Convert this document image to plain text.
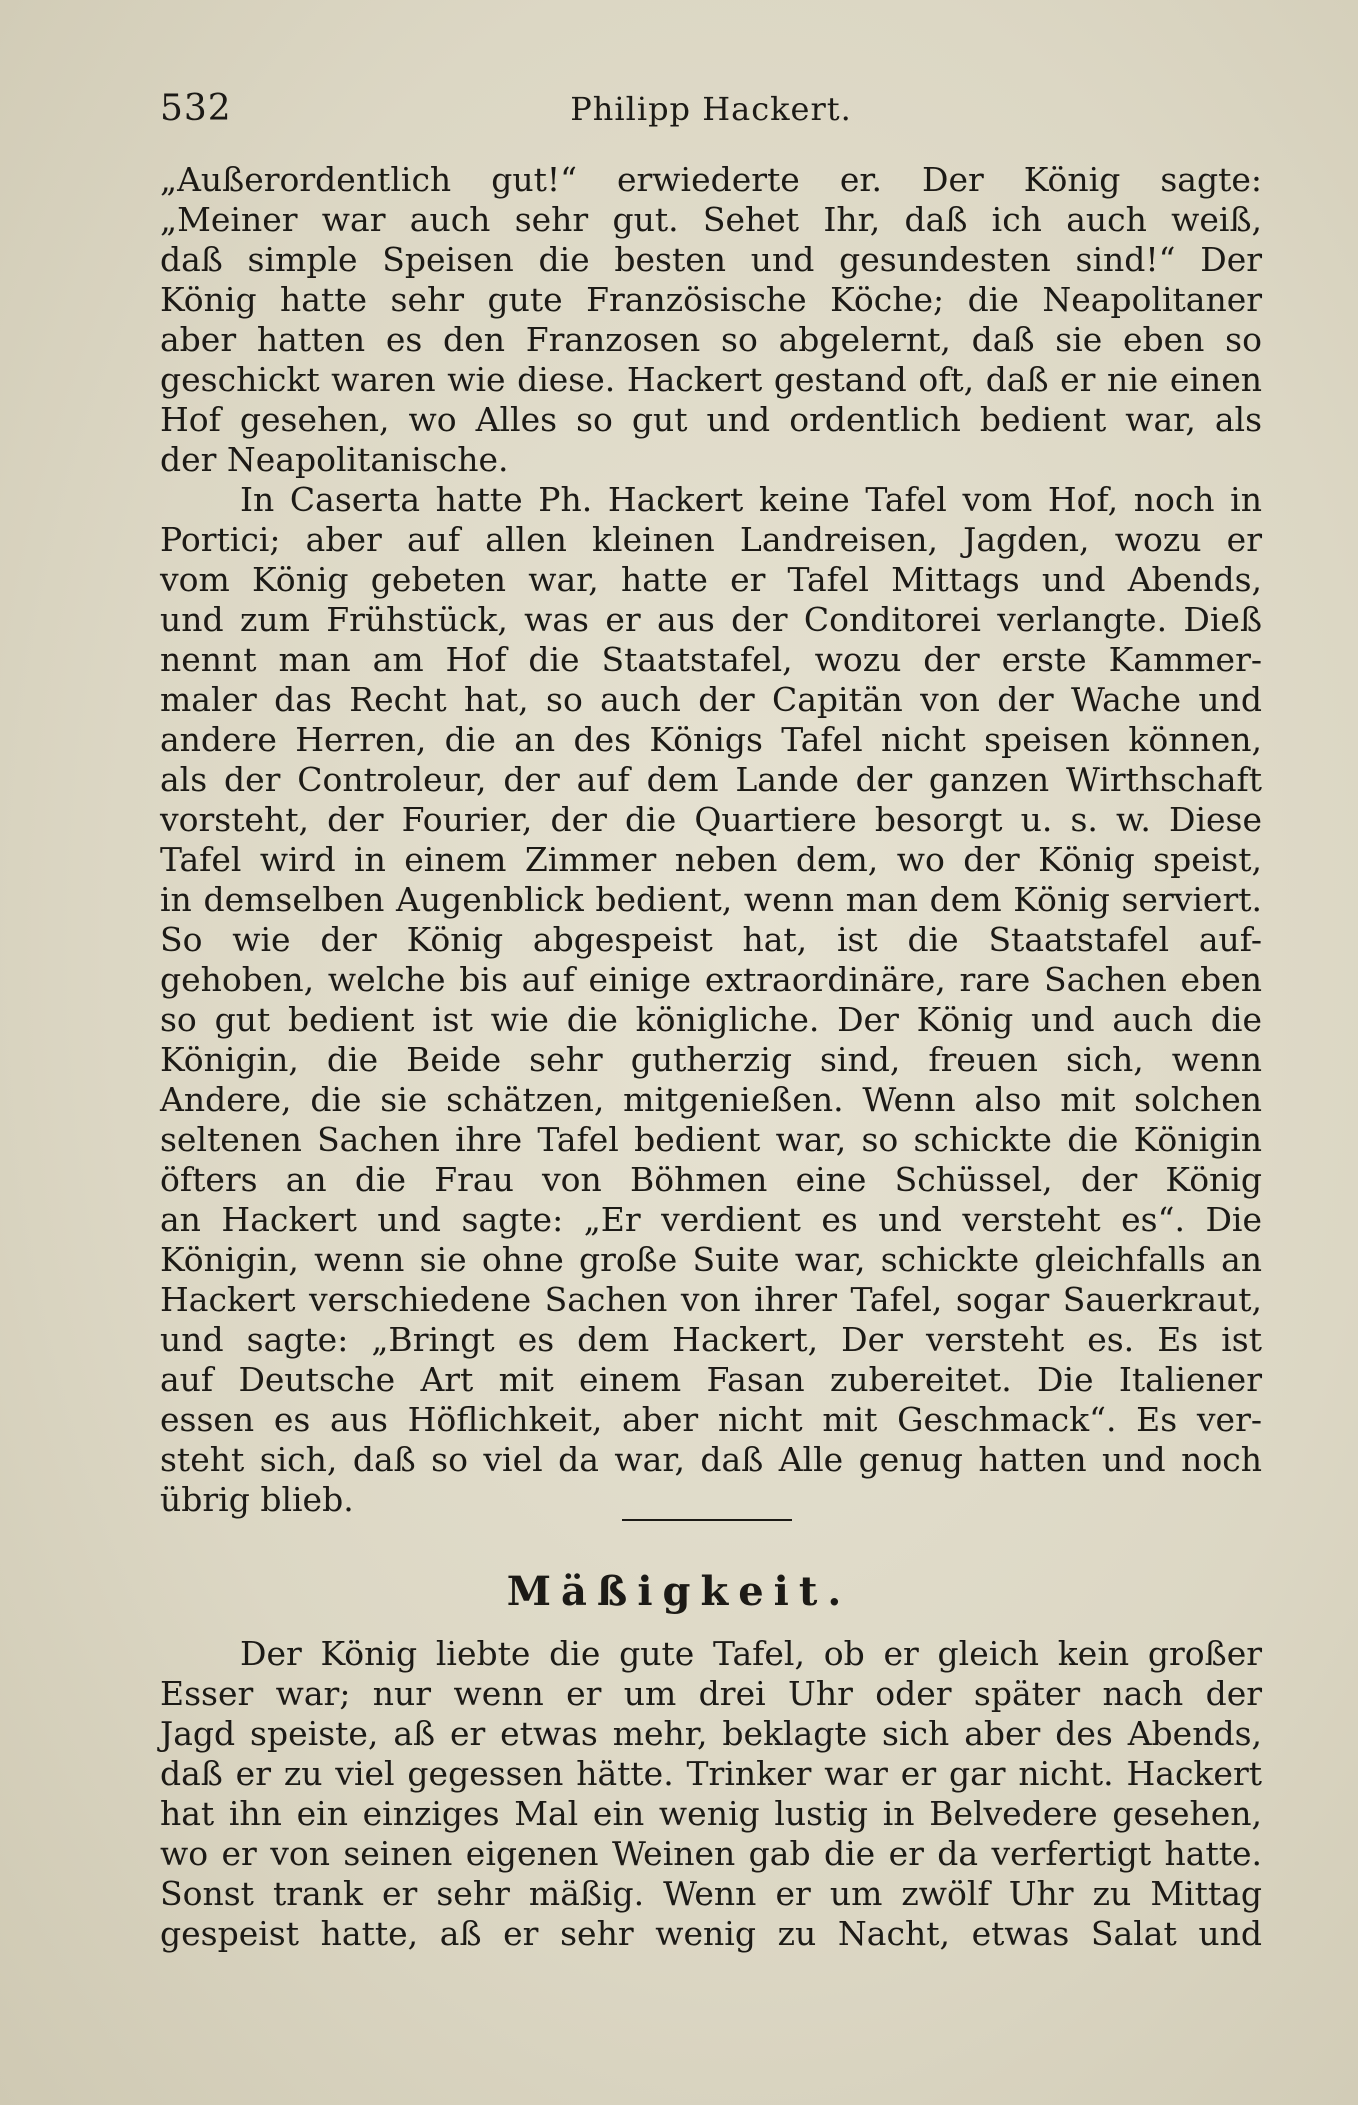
532	Philipp Hackert.
„Außerordentlich gut!“ erwiederte er. Der König sagte:
„Meiner war auch sehr gut. Sehet Ihr, daß ich auch weiß,
daß simple Speisen die besten und gesundesten sind!“ Der
König hatte sehr gute Französische Köche; die Neapolitaner
aber hatten es den Franzosen so abgelernt, daß sie eben so
geschickt waren wie diese. Hackert gestand oft, daß er nie einen
Hof gesehen, wo Alles so gut und ordentlich bedient war, als
der Neapolitanische.
In Caserta hatte Ph. Hackert keine Tafel vom Hof, noch in
Portici; aber auf allen kleinen Landreisen, Jagden, wozu er
vom König gebeten war, hatte er Tafel Mittags und Abends,
und zum Frühstück, was er aus der Conditorei verlangte. Dieß
nennt man am Hof die Staatstafel, wozu der erste Kammer-
maler das Recht hat, so auch der Capitän von der Wache und
andere Herren, die an des Königs Tafel nicht speisen können,
als der Controleur, der auf dem Lande der ganzen Wirthschaft
vorsteht, der Fourier, der die Quartiere besorgt u. s. w. Diese
Tafel wird in einem Zimmer neben dem, wo der König speist,
in demselben Augenblick bedient, wenn man dem König serviert.
So wie der König abgespeist hat, ist die Staatstafel auf-
gehoben, welche bis auf einige extraordinäre, rare Sachen eben
so gut bedient ist wie die königliche. Der König und auch die
Königin, die Beide sehr gutherzig sind, freuen sich, wenn
Andere, die sie schätzen, mitgenießen. Wenn also mit solchen
seltenen Sachen ihre Tafel bedient war, so schickte die Königin
öfters an die Frau von Böhmen eine Schüssel, der König
an Hackert und sagte: „Er verdient es und versteht es“. Die
Königin, wenn sie ohne große Suite war, schickte gleichfalls an
Hackert verschiedene Sachen von ihrer Tafel, sogar Sauerkraut,
und sagte: „Bringt es dem Hackert, Der versteht es. Es ist
auf Deutsche Art mit einem Fasan zubereitet. Die Italiener
essen es aus Höflichkeit, aber nicht mit Geschmack“. Es ver-
steht sich, daß so viel da war, daß Alle genug hatten und noch
übrig blieb.
Mäßigkeit.
Der König liebte die gute Tafel, ob er gleich kein großer
Esser war; nur wenn er um drei Uhr oder später nach der
Jagd speiste, aß er etwas mehr, beklagte sich aber des Abends,
daß er zu viel gegessen hätte. Trinker war er gar nicht. Hackert
hat ihn ein einziges Mal ein wenig lustig in Belvedere gesehen,
wo er von seinen eigenen Weinen gab die er da verfertigt hatte.
Sonst trank er sehr mäßig. Wenn er um zwölf Uhr zu Mittag
gespeist hatte, aß er sehr wenig zu Nacht, etwas Salat und
